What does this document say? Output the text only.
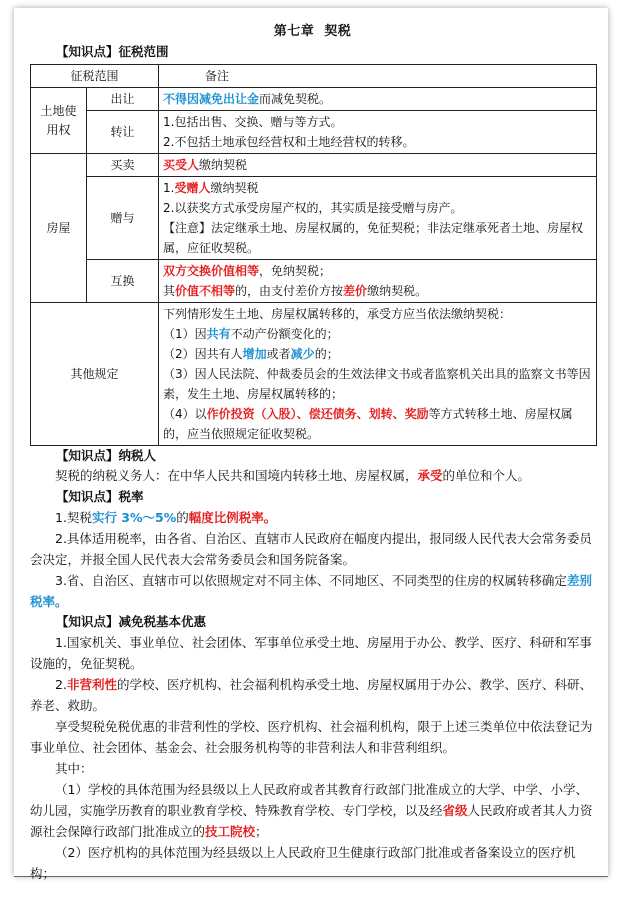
第七章 契税
【知识点】征税范围
征税范围		备注
土地使用权	出让	不得因减免出让金而减免契税。
	转让	1.包括出售、交换、赠与等方式。
2.不包括土地承包经营权和土地经营权的转移。

房屋	买卖	买受人缴纳契税
	赠与	1.受赠人缴纳契税
2.以获奖方式承受房屋产权的，其实质是接受赠与房产。
【注意】法定继承土地、房屋权属的，免征契税；非法定继承死者土地、房屋权属，应征收契税。

	互换	双方交换价值相等，免纳契税；
其价值不相等的，由支付差价方按差价缴纳契税。

其他规定		下列情形发生土地、房屋权属转移的，承受方应当依法缴纳契税：
（1）因共有不动产份额变化的；
（2）因共有人增加或者减少的；
（3）因人民法院、仲裁委员会的生效法律文书或者监察机关出具的监察文书等因素，发生土地、房屋权属转移的；
（4）以作价投资（入股）、偿还债务、划转、奖励等方式转移土地、房屋权属的，应当依照规定征收契税。
【知识点】纳税人
契税的纳税义务人：在中华人民共和国境内转移土地、房屋权属，承受的单位和个人。
【知识点】税率
1.契税实行 3%～5%的幅度比例税率。
2.具体适用税率，由各省、自治区、直辖市人民政府在幅度内提出，报同级人民代表大会常务委员会决定，并报全国人民代表大会常务委员会和国务院备案。
3.省、自治区、直辖市可以依照规定对不同主体、不同地区、不同类型的住房的权属转移确定差别税率。
【知识点】减免税基本优惠
1.国家机关、事业单位、社会团体、军事单位承受土地、房屋用于办公、教学、医疗、科研和军事设施的，免征契税。
2.非营利性的学校、医疗机构、社会福利机构承受土地、房屋权属用于办公、教学、医疗、科研、养老、救助。
享受契税免税优惠的非营利性的学校、医疗机构、社会福利机构，限于上述三类单位中依法登记为事业单位、社会团体、基金会、社会服务机构等的非营利法人和非营利组织。
其中：
（1）学校的具体范围为经县级以上人民政府或者其教育行政部门批准成立的大学、中学、小学、幼儿园，实施学历教育的职业教育学校、特殊教育学校、专门学校，以及经省级人民政府或者其人力资源社会保障行政部门批准成立的技工院校；
（2）医疗机构的具体范围为经县级以上人民政府卫生健康行政部门批准或者备案设立的医疗机构；
